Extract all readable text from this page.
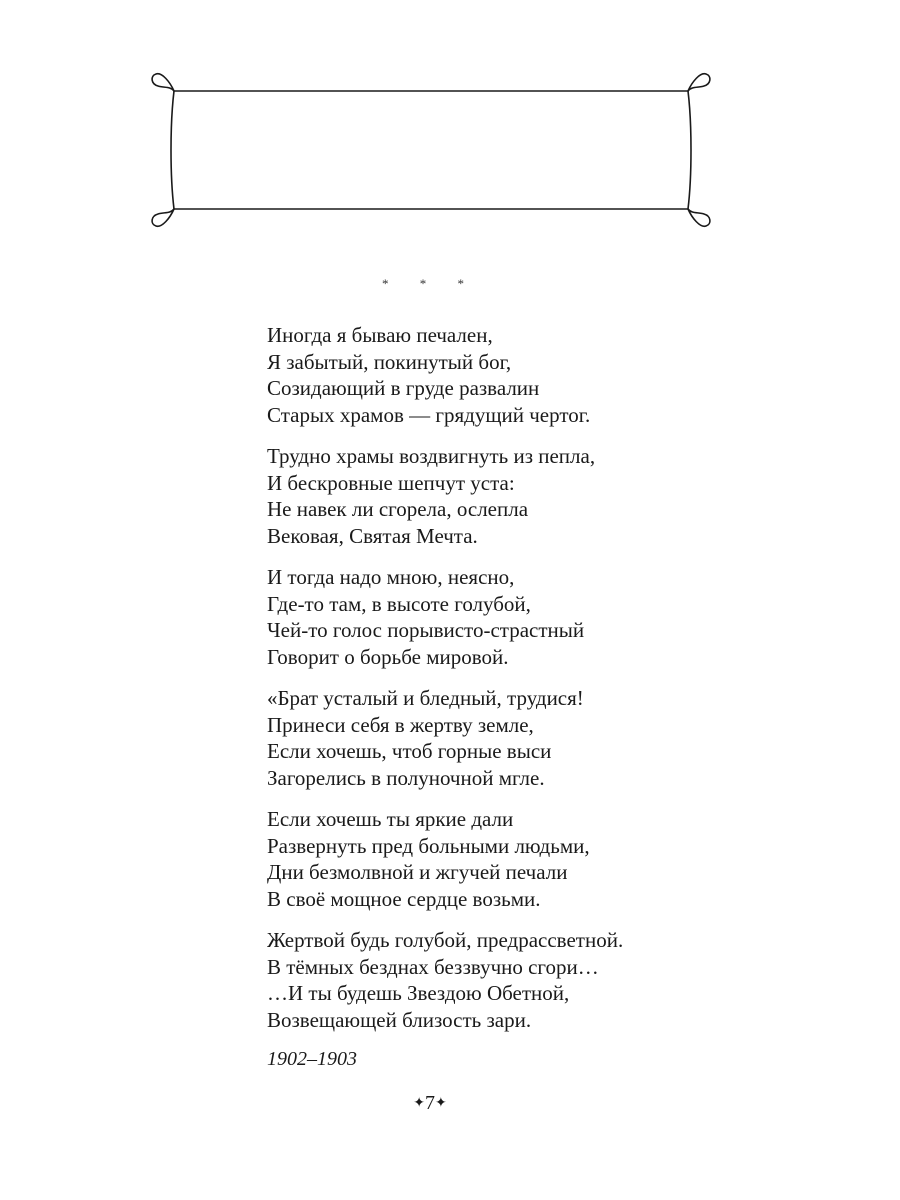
* * *
Иногда я бываю печален,
Я забытый, покинутый бог,
Созидающий в груде развалин
Старых храмов — грядущий чертог.
Трудно храмы воздвигнуть из пепла,
И бескровные шепчут уста:
Не навек ли сгорела, ослепла
Вековая, Святая Мечта.
И тогда надо мною, неясно,
Где-то там, в высоте голубой,
Чей-то голос порывисто-страстный
Говорит о борьбе мировой.
«Брат усталый и бледный, трудися!
Принеси себя в жертву земле,
Если хочешь, чтоб горные выси
Загорелись в полуночной мгле.
Если хочешь ты яркие дали
Развернуть пред больными людьми,
Дни безмолвной и жгучей печали
В своё мощное сердце возьми.
Жертвой будь голубой, предрассветной.
В тёмных безднах беззвучно сгори…
…И ты будешь Звездою Обетной,
Возвещающей близость зари.
1902–1903
✦7✦
